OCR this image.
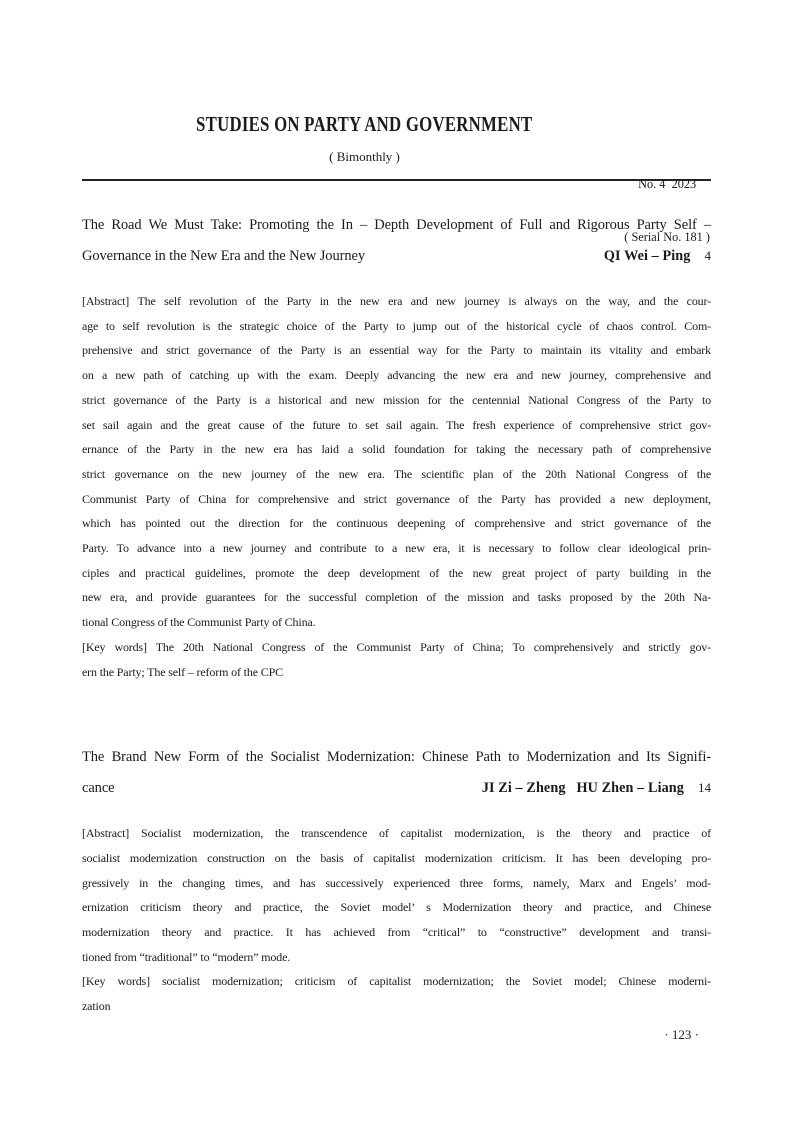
STUDIES ON PARTY AND GOVERNMENT
( Bimonthly )

No. 4  2023

( Serial No. 181 )

The Road We Must Take: Promoting the In – Depth Development of Full and Rigorous Party Self –
Governance in the New Era and the New Journey	QI Wei – Ping 4
[Abstract] The self revolution of the Party in the new era and new journey is always on the way, and the cour-
age to self revolution is the strategic choice of the Party to jump out of the historical cycle of chaos control. Com-
prehensive and strict governance of the Party is an essential way for the Party to maintain its vitality and embark
on a new path of catching up with the exam. Deeply advancing the new era and new journey, comprehensive and
strict governance of the Party is a historical and new mission for the centennial National Congress of the Party to
set sail again and the great cause of the future to set sail again. The fresh experience of comprehensive strict gov-
ernance of the Party in the new era has laid a solid foundation for taking the necessary path of comprehensive
strict governance on the new journey of the new era. The scientific plan of the 20th National Congress of the
Communist Party of China for comprehensive and strict governance of the Party has provided a new deployment,
which has pointed out the direction for the continuous deepening of comprehensive and strict governance of the
Party. To advance into a new journey and contribute to a new era, it is necessary to follow clear ideological prin-
ciples and practical guidelines, promote the deep development of the new great project of party building in the
new era, and provide guarantees for the successful completion of the mission and tasks proposed by the 20th Na-
tional Congress of the Communist Party of China.
[Key words] The 20th National Congress of the Communist Party of China; To comprehensively and strictly gov-
ern the Party; The self – reform of the CPC
The Brand New Form of the Socialist Modernization: Chinese Path to Modernization and Its Signifi-
cance	JI Zi – Zheng   HU Zhen – Liang 14
[Abstract] Socialist modernization, the transcendence of capitalist modernization, is the theory and practice of
socialist modernization construction on the basis of capitalist modernization criticism. It has been developing pro-
gressively in the changing times, and has successively experienced three forms, namely, Marx and Engels’ mod-
ernization criticism theory and practice, the Soviet model’ s Modernization theory and practice, and Chinese
modernization theory and practice. It has achieved from “critical” to “constructive” development and transi-
tioned from “traditional” to “modern” mode.
[Key words] socialist modernization; criticism of capitalist modernization; the Soviet model; Chinese moderni-
zation
· 123 ·
